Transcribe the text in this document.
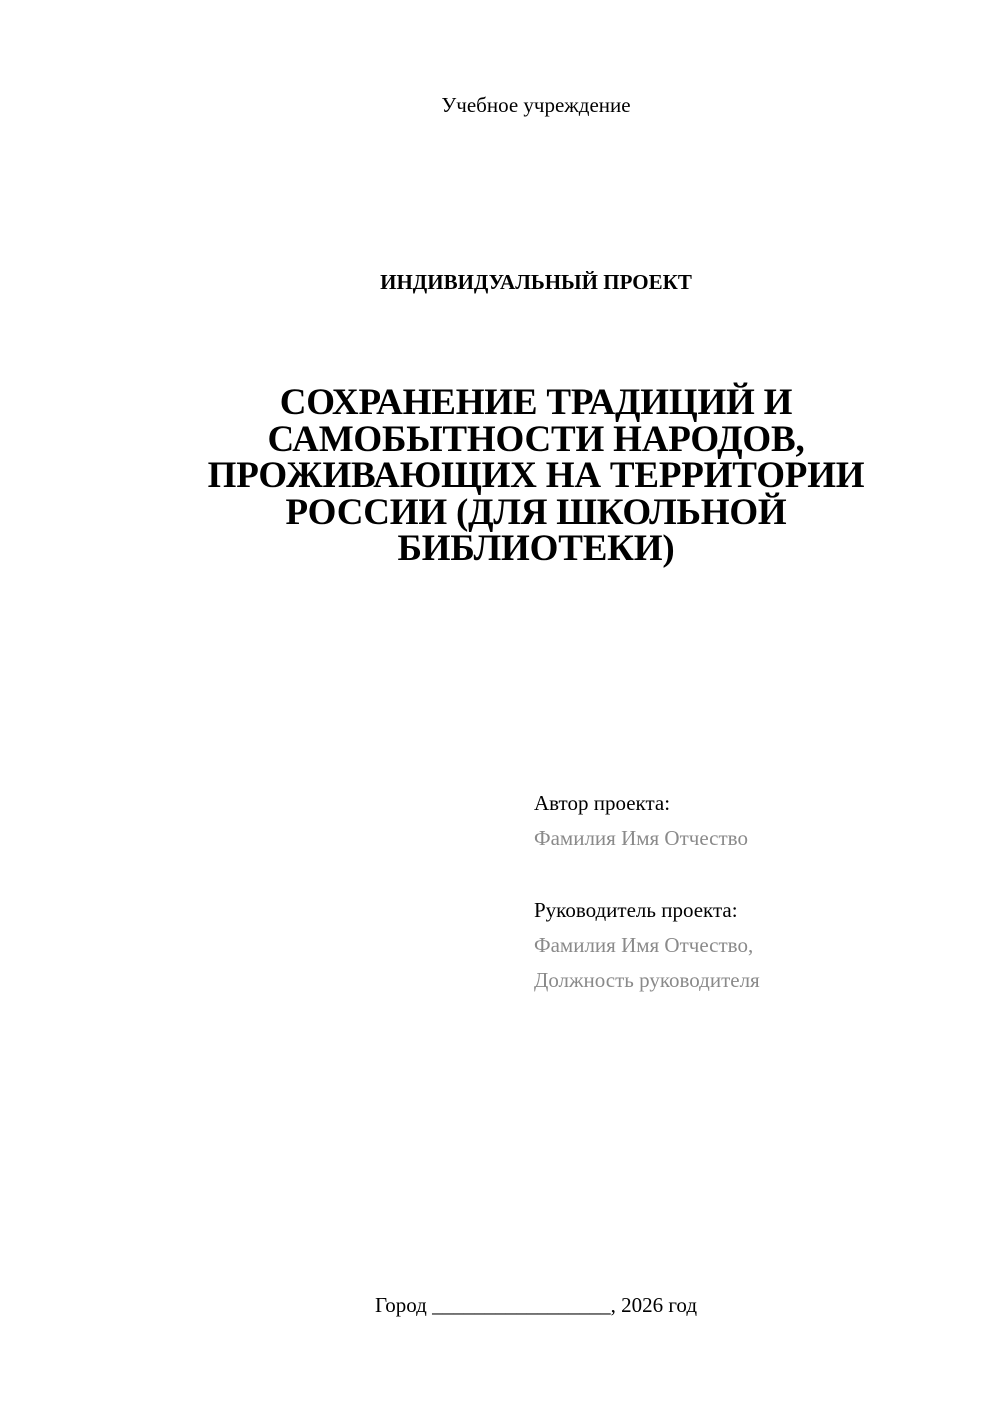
Учебное учреждение
ИНДИВИДУАЛЬНЫЙ ПРОЕКТ
СОХРАНЕНИЕ ТРАДИЦИЙ И
САМОБЫТНОСТИ НАРОДОВ,
ПРОЖИВАЮЩИХ НА ТЕРРИТОРИИ
РОССИИ (ДЛЯ ШКОЛЬНОЙ
БИБЛИОТЕКИ)
Автор проекта:
Фамилия Имя Отчество
Руководитель проекта:
Фамилия Имя Отчество,
Должность руководителя
Город _________________, 2026 год
